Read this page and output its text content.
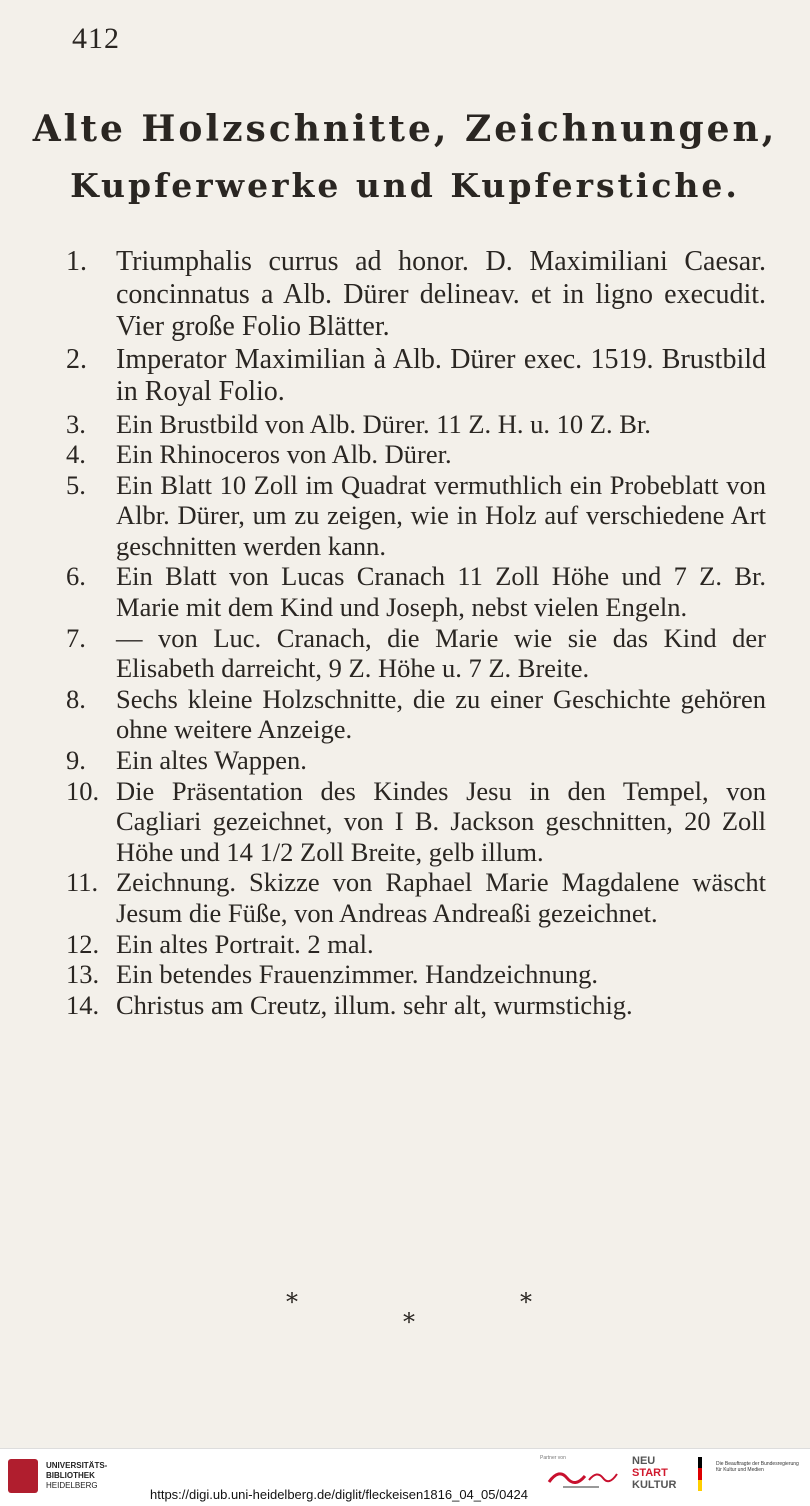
412
Alte Holzschnitte, Zeichnungen,
Kupferwerke und Kupferstiche.
1. Triumphalis currus ad honor. D. Maximiliani Caesar. concinnatus a Alb. Dürer delineav. et in ligno execudit. Vier große Folio Blätter.
2. Imperator Maximilian à Alb. Dürer exec. 1519. Brustbild in Royal Folio.
3. Ein Brustbild von Alb. Dürer. 11 Z. H. u. 10 Z. Br.
4. Ein Rhinoceros von Alb. Dürer.
5. Ein Blatt 10 Zoll im Quadrat vermuthlich ein Probeblatt von Albr. Dürer, um zu zeigen, wie in Holz auf verschiedene Art geschnitten werden kann.
6. Ein Blatt von Lucas Cranach 11 Zoll Höhe und 7 Z. Br. Marie mit dem Kind und Joseph, nebst vielen Engeln.
7. — von Luc. Cranach, die Marie wie sie das Kind der Elisabeth darreicht, 9 Z. Höhe u. 7 Z. Breite.
8. Sechs kleine Holzschnitte, die zu einer Geschichte gehören ohne weitere Anzeige.
9. Ein altes Wappen.
10. Die Präsentation des Kindes Jesu in den Tempel, von Cagliari gezeichnet, von I B. Jackson geschnitten, 20 Zoll Höhe und 14 1/2 Zoll Breite, gelb illum.
11. Zeichnung. Skizze von Raphael Marie Magdalene wäscht Jesum die Füße, von Andreas Andreaßi gezeichnet.
12. Ein altes Portrait. 2 mal.
13. Ein betendes Frauenzimmer. Handzeichnung.
14. Christus am Creutz, illum. sehr alt, wurmstichig.
*	*
*
UNIVERSITÄTS-
BIBLIOTHEK
HEIDELBERG
https://digi.ub.uni-heidelberg.de/diglit/fleckeisen1816_04_05/0424
Partner von	NEU
START
KULTUR
Die Beauftragte der Bundesregierung für Kultur und Medien
